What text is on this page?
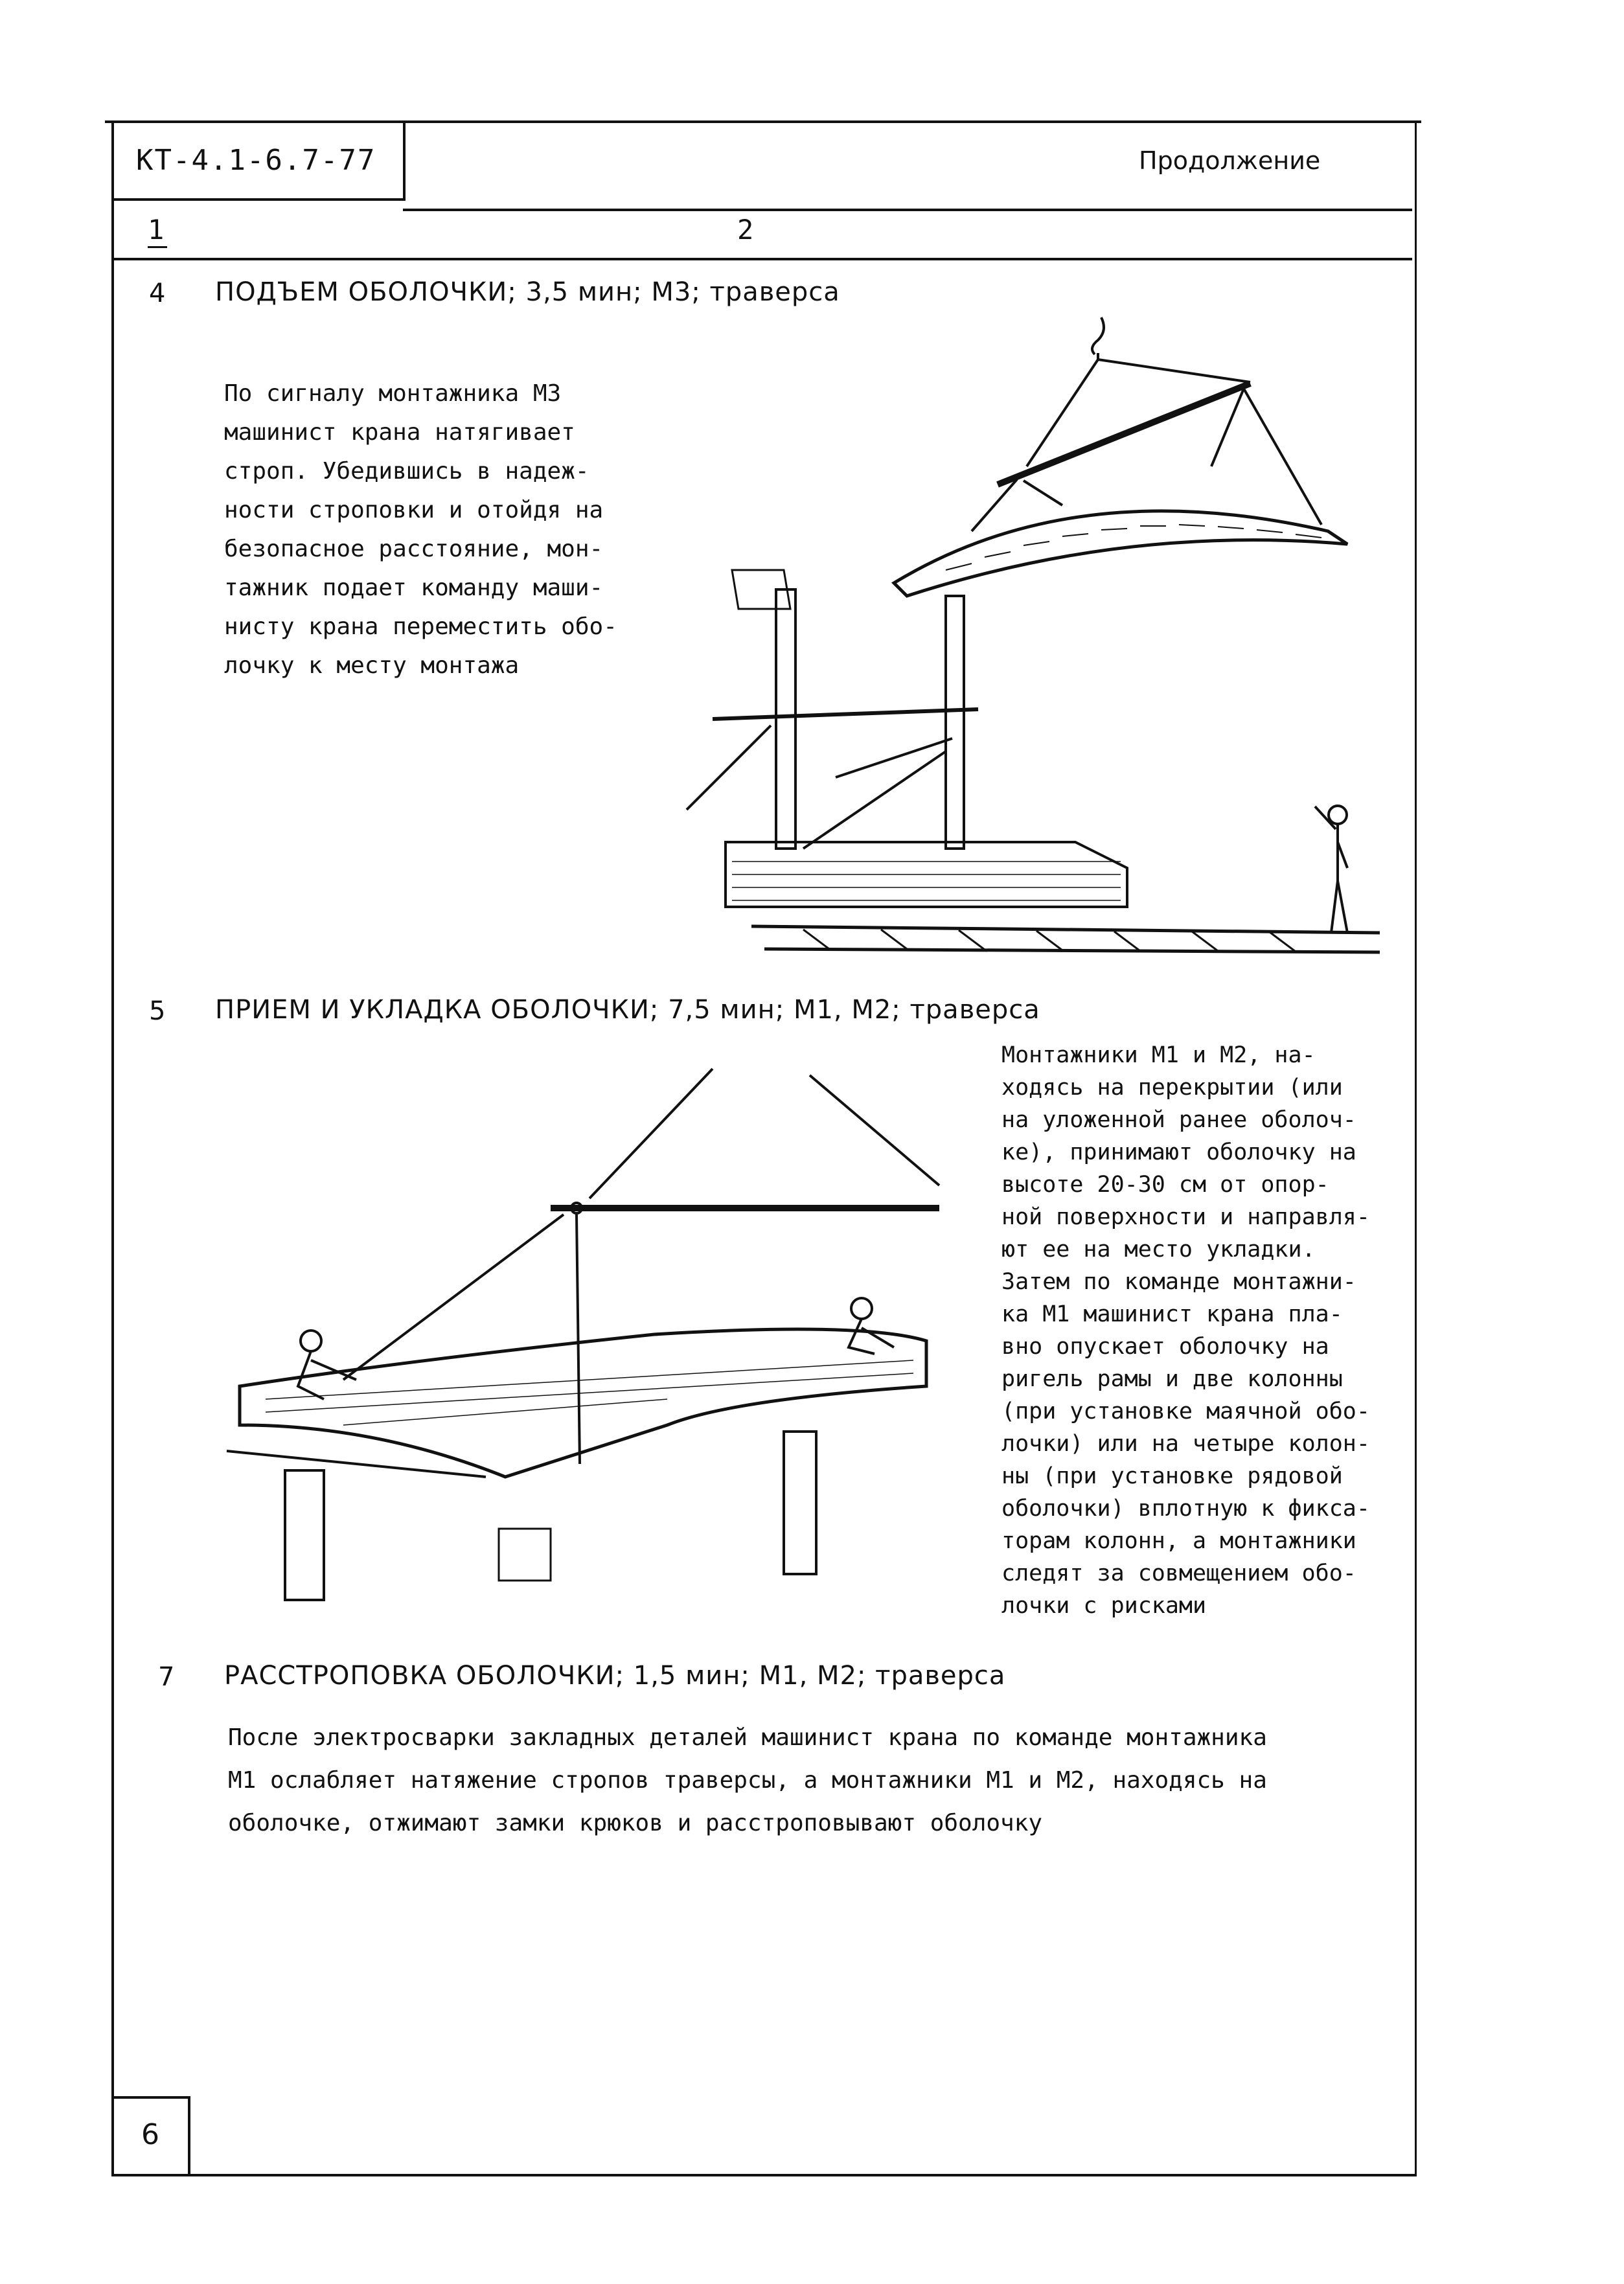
КТ-4.1-6.7-77	Продолжение
1	2
4 ПОДЪЕМ ОБОЛОЧКИ; 3,5 мин; М3; траверса
По сигналу монтажника М3
машинист крана натягивает
строп. Убедившись в надеж-
ности строповки и отойдя на
безопасное расстояние, мон-
тажник подает команду маши-
нисту крана переместить обо-
лочку к месту монтажа
5 ПРИЕМ И УКЛАДКА ОБОЛОЧКИ; 7,5 мин; М1, М2; траверса
Монтажники М1 и М2, на-
ходясь на перекрытии (или
на уложенной ранее оболоч-
ке), принимают оболочку на
высоте 20-30 см от опор-
ной поверхности и направля-
ют ее на место укладки.
Затем по команде монтажни-
ка М1 машинист крана пла-
вно опускает оболочку на
ригель рамы и две колонны
(при установке маячной обо-
лочки) или на четыре колон-
ны (при установке рядовой
оболочки) вплотную к фикса-
торам колонн, а монтажники
следят за совмещением обо-
лочки с рисками
7 РАССТРОПОВКА ОБОЛОЧКИ; 1,5 мин; М1, М2; траверса
После электросварки закладных деталей машинист крана по команде монтажника
М1 ослабляет натяжение стропов траверсы, а монтажники М1 и М2, находясь на
оболочке, отжимают замки крюков и расстроповывают оболочку
6
